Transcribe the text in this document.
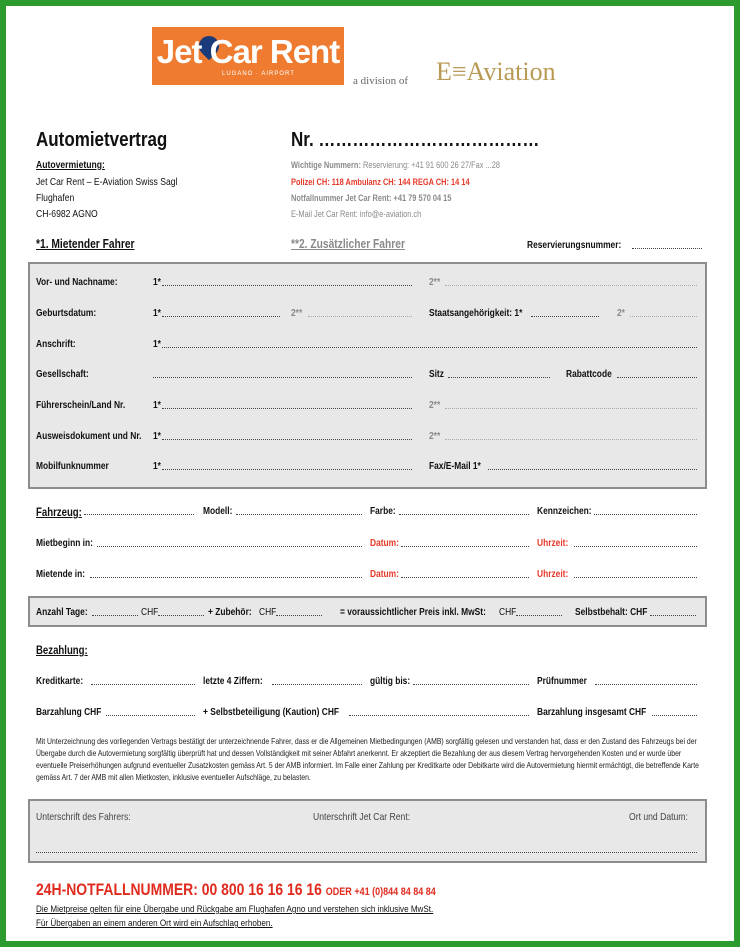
Jet Car Rent
LUGANO · AIRPORT
a division of E≡Aviation
Automietvertrag	Nr. …………………………………
Autovermietung:
Jet Car Rent – E-Aviation Swiss Sagl
Flughafen
CH-6982 AGNO
Wichtige Nummern: Reservierung: +41 91 600 26 27/Fax ...28
Polizei CH: 118 Ambulanz CH: 144 REGA CH: 14 14
Notfallnummer Jet Car Rent: +41 79 570 04 15
E-Mail Jet Car Rent: info@e-aviation.ch
*1. Mietender Fahrer	**2. Zusätzlicher Fahrer	Reservierungsnummer:
Vor- und Nachname:	1*	2**
Geburtsdatum:	1*	2**	Staatsangehörigkeit: 1*	2*
Anschrift:	1*
Gesellschaft:	Sitz	Rabattcode
Führerschein/Land Nr.	1*	2**
Ausweisdokument und Nr. 1*	2**
Mobilfunknummer	1*	Fax/E-Mail 1*
Fahrzeug:	Modell:	Farbe:	Kennzeichen:
Mietbeginn in:	Datum:	Uhrzeit:
Mietende in:	Datum:	Uhrzeit:
Anzahl Tage:	CHF	+ Zubehör: CHF	= voraussichtlicher Preis inkl. MwSt: CHF	Selbstbehalt: CHF
Bezahlung:
Kreditkarte:	letzte 4 Ziffern:	gültig bis:	Prüfnummer
Barzahlung CHF	+ Selbstbeteiligung (Kaution) CHF	Barzahlung insgesamt CHF
Mit Unterzeichnung des vorliegenden Vertrags bestätigt der unterzeichnende Fahrer, dass er die Allgemeinen Mietbedingungen (AMB) sorgfältig gelesen und verstanden hat, dass er den Zustand des Fahrzeugs bei der Übergabe durch die Autovermietung sorgfältig überprüft hat und dessen Vollständigkeit mit seiner Abfahrt anerkennt. Er akzeptiert die Bezahlung der aus diesem Vertrag hervorgehenden Kosten und er wurde über eventuelle Preiserhöhungen aufgrund eventueller Zusatzkosten gemäss Art. 5 der AMB informiert. Im Falle einer Zahlung per Kreditkarte oder Debitkarte wird die Autovermietung hiermit ermächtigt, die betreffende Karte gemäss Art. 7 der AMB mit allen Mietkosten, inklusive eventueller Aufschläge, zu belasten.
Unterschrift des Fahrers:	Unterschrift Jet Car Rent:	Ort und Datum:
24H-NOTFALLNUMMER: 00 800 16 16 16 16 ODER +41 (0)844 84 84 84
Die Mietpreise gelten für eine Übergabe und Rückgabe am Flughafen Agno und verstehen sich inklusive MwSt.
Für Übergaben an einem anderen Ort wird ein Aufschlag erhoben.
